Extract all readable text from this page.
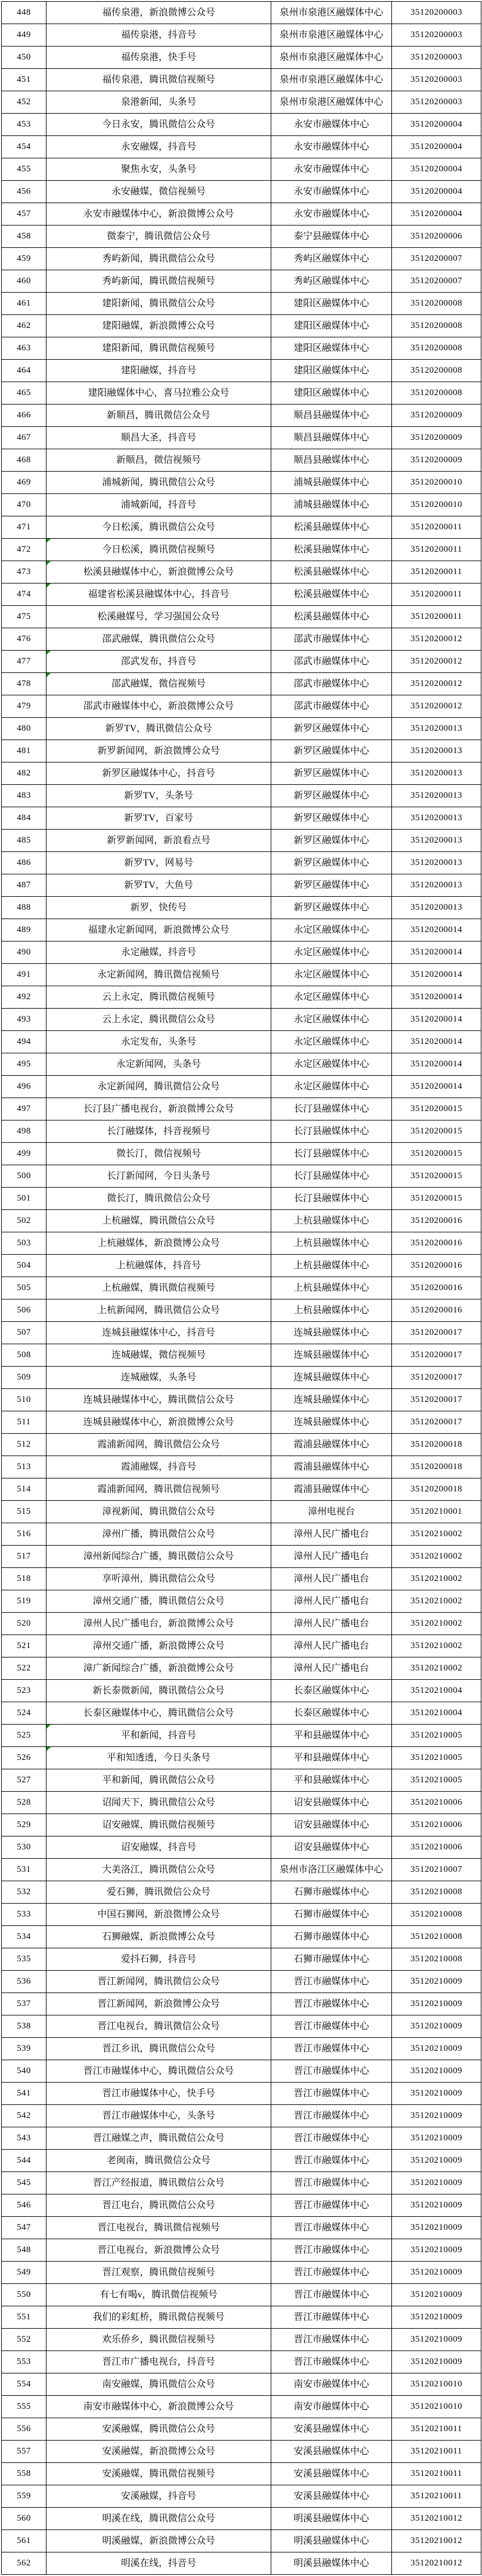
448	福传泉港，新浪微博公众号	泉州市泉港区融媒体中心	35120200003
449	福传泉港，抖音号	泉州市泉港区融媒体中心	35120200003
450	福传泉港，快手号	泉州市泉港区融媒体中心	35120200003
451	福传泉港，腾讯微信视频号	泉州市泉港区融媒体中心	35120200003
452	泉港新闻，头条号	泉州市泉港区融媒体中心	35120200003
453	今日永安，腾讯微信公众号	永安市融媒体中心	35120200004
454	永安融媒，抖音号	永安市融媒体中心	35120200004
455	聚焦永安，头条号	永安市融媒体中心	35120200004
456	永安融媒，微信视频号	永安市融媒体中心	35120200004
457	永安市融媒体中心，新浪微博公众号	永安市融媒体中心	35120200004
458	微泰宁，腾讯微信公众号	泰宁县融媒体中心	35120200006
459	秀屿新闻，腾讯微信公众号	秀屿区融媒体中心	35120200007
460	秀屿新闻，腾讯微信视频号	秀屿区融媒体中心	35120200007
461	建阳新闻，腾讯微信公众号	建阳区融媒体中心	35120200008
462	建阳融媒，新浪微博公众号	建阳区融媒体中心	35120200008
463	建阳新闻，腾讯微信视频号	建阳区融媒体中心	35120200008
464	建阳融媒，抖音号	建阳区融媒体中心	35120200008
465	建阳融媒体中心，喜马拉雅公众号	建阳区融媒体中心	35120200008
466	新顺昌，腾讯微信公众号	顺昌县融媒体中心	35120200009
467	顺昌大圣，抖音号	顺昌县融媒体中心	35120200009
468	新顺昌，微信视频号	顺昌县融媒体中心	35120200009
469	浦城新闻，腾讯微信公众号	浦城县融媒体中心	35120200010
470	浦城新闻，抖音号	浦城县融媒体中心	35120200010
471	今日松溪，腾讯微信公众号	松溪县融媒体中心	35120200011
472	今日松溪，腾讯微信视频号	松溪县融媒体中心	35120200011
473	松溪县融媒体中心，新浪微博公众号	松溪县融媒体中心	35120200011
474	福建省松溪县融媒体中心，抖音号	松溪县融媒体中心	35120200011
475	松溪融媒号，学习强国公众号	松溪县融媒体中心	35120200011
476	邵武融媒，腾讯微信公众号	邵武市融媒体中心	35120200012
477	邵武发布，抖音号	邵武市融媒体中心	35120200012
478	邵武融媒，微信视频号	邵武市融媒体中心	35120200012
479	邵武市融媒体中心，新浪微博公众号	邵武市融媒体中心	35120200012
480	新罗TV，腾讯微信公众号	新罗区融媒体中心	35120200013
481	新罗新闻网，新浪微博公众号	新罗区融媒体中心	35120200013
482	新罗区融媒体中心，抖音号	新罗区融媒体中心	35120200013
483	新罗TV，头条号	新罗区融媒体中心	35120200013
484	新罗TV，百家号	新罗区融媒体中心	35120200013
485	新罗新闻网，新浪看点号	新罗区融媒体中心	35120200013
486	新罗TV，网易号	新罗区融媒体中心	35120200013
487	新罗TV，大鱼号	新罗区融媒体中心	35120200013
488	新罗，快传号	新罗区融媒体中心	35120200013
489	福建永定新闻网，新浪微博公众号	永定区融媒体中心	35120200014
490	永定融媒，抖音号	永定区融媒体中心	35120200014
491	永定新闻网，腾讯微信视频号	永定区融媒体中心	35120200014
492	云上永定，腾讯微信视频号	永定区融媒体中心	35120200014
493	云上永定，腾讯微信公众号	永定区融媒体中心	35120200014
494	永定发布，头条号	永定区融媒体中心	35120200014
495	永定新闻网，头条号	永定区融媒体中心	35120200014
496	永定新闻网，腾讯微信公众号	永定区融媒体中心	35120200014
497	长汀县广播电视台，新浪微博公众号	长汀县融媒体中心	35120200015
498	长汀融媒体，抖音视频号	长汀县融媒体中心	35120200015
499	微长汀，微信视频号	长汀县融媒体中心	35120200015
500	长汀新闻网，今日头条号	长汀县融媒体中心	35120200015
501	微长汀，腾讯微信公众号	长汀县融媒体中心	35120200015
502	上杭融媒，腾讯微信公众号	上杭县融媒体中心	35120200016
503	上杭融媒体，新浪微博公众号	上杭县融媒体中心	35120200016
504	上杭融媒体，抖音号	上杭县融媒体中心	35120200016
505	上杭融媒，腾讯微信视频号	上杭县融媒体中心	35120200016
506	上杭新闻网，腾讯微信公众号	上杭县融媒体中心	35120200016
507	连城县融媒体中心，抖音号	连城县融媒体中心	35120200017
508	连城融媒，微信视频号	连城县融媒体中心	35120200017
509	连城融媒，头条号	连城县融媒体中心	35120200017
510	连城县融媒体中心，腾讯微信公众号	连城县融媒体中心	35120200017
511	连城县融媒体中心，新浪微博公众号	连城县融媒体中心	35120200017
512	霞浦新闻网，腾讯微信公众号	霞浦县融媒体中心	35120200018
513	霞浦融媒，抖音号	霞浦县融媒体中心	35120200018
514	霞浦新闻网，腾讯微信视频号	霞浦县融媒体中心	35120200018
515	漳视新闻，腾讯微信公众号	漳州电视台	35120210001
516	漳州广播，腾讯微信公众号	漳州人民广播电台	35120210002
517	漳州新闻综合广播，腾讯微信公众号	漳州人民广播电台	35120210002
518	享听漳州，腾讯微信公众号	漳州人民广播电台	35120210002
519	漳州交通广播，腾讯微信公众号	漳州人民广播电台	35120210002
520	漳州人民广播电台，新浪微博公众号	漳州人民广播电台	35120210002
521	漳州交通广播，新浪微博公众号	漳州人民广播电台	35120210002
522	漳广新闻综合广播，新浪微博公众号	漳州人民广播电台	35120210002
523	新长泰微新闻，腾讯微信公众号	长泰区融媒体中心	35120210004
524	长泰区融媒体中心，腾讯微信公众号	长泰区融媒体中心	35120210004
525	平和新闻，抖音号	平和县融媒体中心	35120210005
526	平和知透透，今日头条号	平和县融媒体中心	35120210005
527	平和新闻，腾讯微信公众号	平和县融媒体中心	35120210005
528	诏闻天下，腾讯微信公众号	诏安县融媒体中心	35120210006
529	诏安融媒，腾讯微信视频号	诏安县融媒体中心	35120210006
530	诏安融媒，抖音号	诏安县融媒体中心	35120210006
531	大美洛江，腾讯微信公众号	泉州市洛江区融媒体中心	35120210007
532	爱石狮，腾讯微信公众号	石狮市融媒体中心	35120210008
533	中国石狮网，新浪微博公众号	石狮市融媒体中心	35120210008
534	石狮融媒，新浪微博公众号	石狮市融媒体中心	35120210008
535	爱抖石狮，抖音号	石狮市融媒体中心	35120210008
536	晋江新闻网，腾讯微信公众号	晋江市融媒体中心	35120210009
537	晋江新闻网，新浪微博公众号	晋江市融媒体中心	35120210009
538	晋江电视台，腾讯微信公众号	晋江市融媒体中心	35120210009
539	晋江乡讯，腾讯微信公众号	晋江市融媒体中心	35120210009
540	晋江市融媒体中心，腾讯微信公众号	晋江市融媒体中心	35120210009
541	晋江市融媒体中心，快手号	晋江市融媒体中心	35120210009
542	晋江市融媒体中心，头条号	晋江市融媒体中心	35120210009
543	晋江融媒之声，腾讯微信公众号	晋江市融媒体中心	35120210009
544	老闽南，腾讯微信公众号	晋江市融媒体中心	35120210009
545	晋江产经报道，腾讯微信公众号	晋江市融媒体中心	35120210009
546	晋江电台，腾讯微信公众号	晋江市融媒体中心	35120210009
547	晋江电视台，腾讯微信视频号	晋江市融媒体中心	35120210009
548	晋江电视台，新浪微博公众号	晋江市融媒体中心	35120210009
549	晋江观察，腾讯微信视频号	晋江市融媒体中心	35120210009
550	有七有喝v，腾讯微信视频号	晋江市融媒体中心	35120210009
551	我们的彩虹桥，腾讯微信视频号	晋江市融媒体中心	35120210009
552	欢乐侨乡，腾讯微信视频号	晋江市融媒体中心	35120210009
553	晋江市广播电视台，抖音号	晋江市融媒体中心	35120210009
554	南安融媒，腾讯微信公众号	南安市融媒体中心	35120210010
555	南安市融媒体中心，新浪微博公众号	南安市融媒体中心	35120210010
556	安溪融媒，腾讯微信公众号	安溪县融媒体中心	35120210011
557	安溪融媒，新浪微博公众号	安溪县融媒体中心	35120210011
558	安溪融媒，腾讯微信视频号	安溪县融媒体中心	35120210011
559	安溪融媒，抖音号	安溪县融媒体中心	35120210011
560	明溪在线，腾讯微信公众号	明溪县融媒体中心	35120210012
561	明溪融媒，新浪微博公众号	明溪县融媒体中心	35120210012
562	明溪在线，抖音号	明溪县融媒体中心	35120210012
